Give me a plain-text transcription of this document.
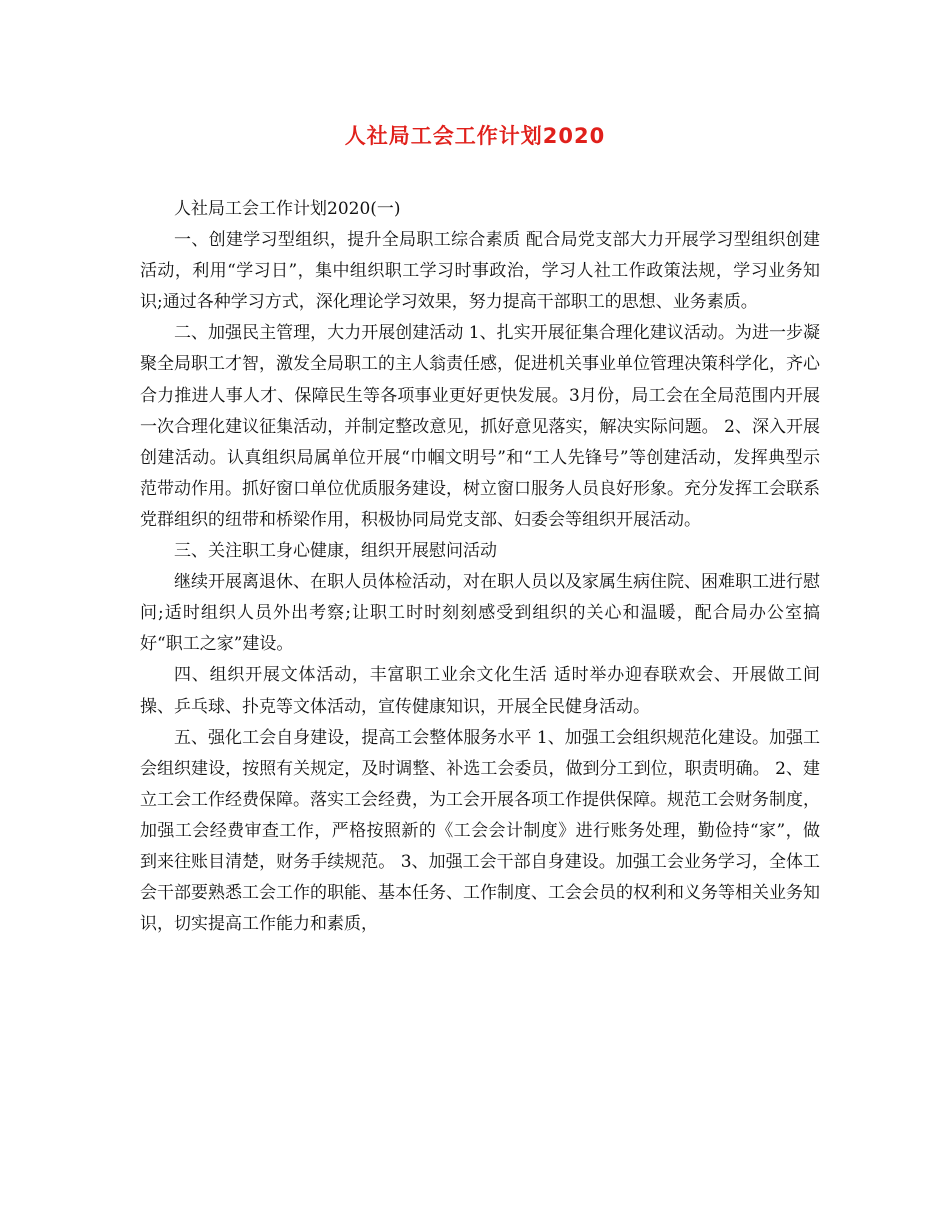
人社局工会工作计划2020

人社局工会工作计划2020(一)

一、创建学习型组织，提升全局职工综合素质 配合局党支部大力开展学习型组织创建活动，利用“学习日”，集中组织职工学习时事政治，学习人社工作政策法规，学习业务知识;通过各种学习方式，深化理论学习效果，努力提高干部职工的思想、业务素质。

二、加强民主管理，大力开展创建活动 1、扎实开展征集合理化建议活动。为进一步凝聚全局职工才智，激发全局职工的主人翁责任感，促进机关事业单位管理决策科学化，齐心合力推进人事人才、保障民生等各项事业更好更快发展。3月份，局工会在全局范围内开展一次合理化建议征集活动，并制定整改意见，抓好意见落实，解决实际问题。 2、深入开展创建活动。认真组织局属单位开展“巾帼文明号”和“工人先锋号”等创建活动，发挥典型示范带动作用。抓好窗口单位优质服务建设，树立窗口服务人员良好形象。充分发挥工会联系党群组织的纽带和桥梁作用，积极协同局党支部、妇委会等组织开展活动。

三、关注职工身心健康，组织开展慰问活动

继续开展离退休、在职人员体检活动，对在职人员以及家属生病住院、困难职工进行慰问;适时组织人员外出考察;让职工时时刻刻感受到组织的关心和温暖，配合局办公室搞好“职工之家”建设。

四、组织开展文体活动，丰富职工业余文化生活 适时举办迎春联欢会、开展做工间操、乒乓球、扑克等文体活动，宣传健康知识，开展全民健身活动。

五、强化工会自身建设，提高工会整体服务水平 1、加强工会组织规范化建设。加强工会组织建设，按照有关规定，及时调整、补选工会委员，做到分工到位，职责明确。 2、建立工会工作经费保障。落实工会经费，为工会开展各项工作提供保障。规范工会财务制度，加强工会经费审查工作，严格按照新的《工会会计制度》进行账务处理，勤俭持“家”，做到来往账目清楚，财务手续规范。 3、加强工会干部自身建设。加强工会业务学习，全体工会干部要熟悉工会工作的职能、基本任务、工作制度、工会会员的权利和义务等相关业务知识，切实提高工作能力和素质，
